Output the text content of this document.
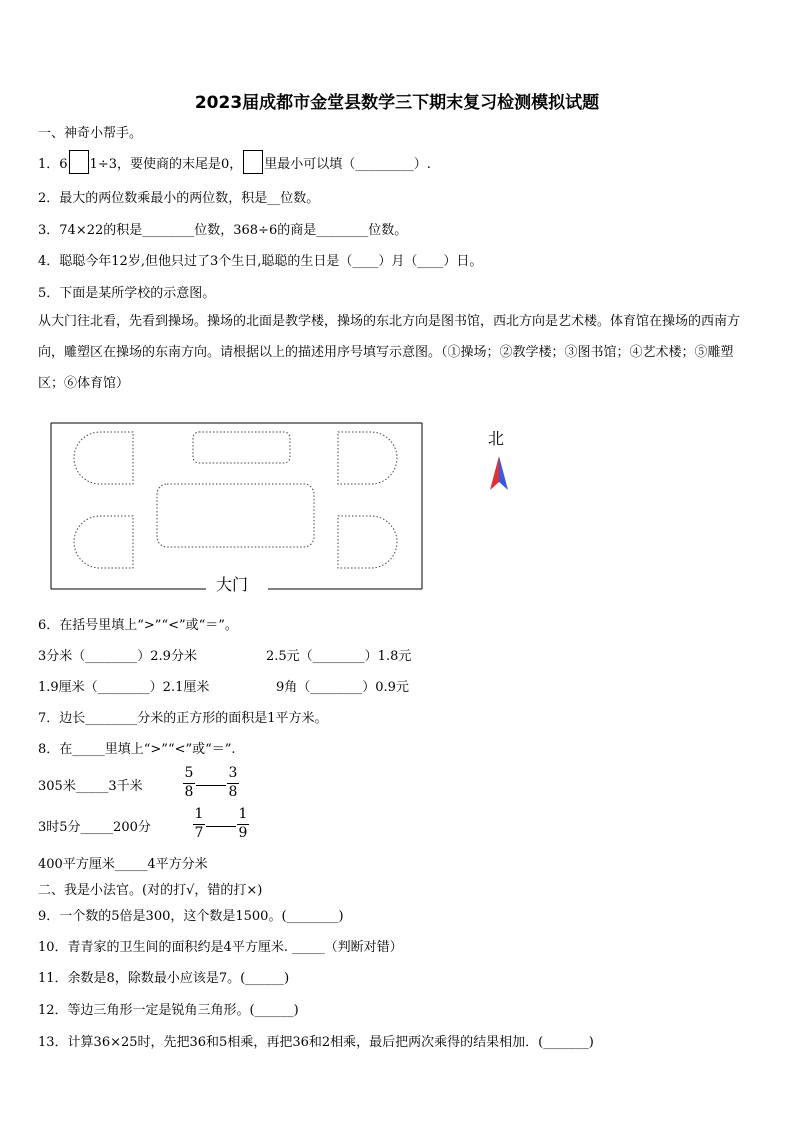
2023届成都市金堂县数学三下期末复习检测模拟试题
一、神奇小帮手。
1．6 1÷3，要使商的末尾是0， 里最小可以填（_________）.
2．最大的两位数乘最小的两位数，积是__位数。
3．74×22的积是________位数，368÷6的商是________位数。
4．聪聪今年12岁,但他只过了3个生日,聪聪的生日是（____）月（____）日。
5．下面是某所学校的示意图。
从大门往北看，先看到操场。操场的北面是教学楼，操场的东北方向是图书馆，西北方向是艺术楼。体育馆在操场的西南方向，雕塑区在操场的东南方向。请根据以上的描述用序号填写示意图。（①操场；②教学楼；③图书馆；④艺术楼；⑤雕塑区；⑥体育馆）
大门
北
6．在括号里填上“>”“<”或“＝”。
3分米（________）2.9分米	2.5元（________）1.8元
1.9厘米（________）2.1厘米	9角（________）0.9元
7．边长________分米的正方形的面积是1平方米。
8．在_____里填上“>”“<”或“＝”.
305米_____3千米
5
8
3
8
3时5分_____200分
1
7
1
9
400平方厘米_____4平方分米
二、我是小法官。(对的打√，错的打×)
9．一个数的5倍是300，这个数是1500。(________)
10．青青家的卫生间的面积约是4平方厘米. _____（判断对错）
11．余数是8，除数最小应该是7。(______)
12．等边三角形一定是锐角三角形。(______)
13．计算36×25时，先把36和5相乘，再把36和2相乘，最后把两次乘得的结果相加．(_______)
